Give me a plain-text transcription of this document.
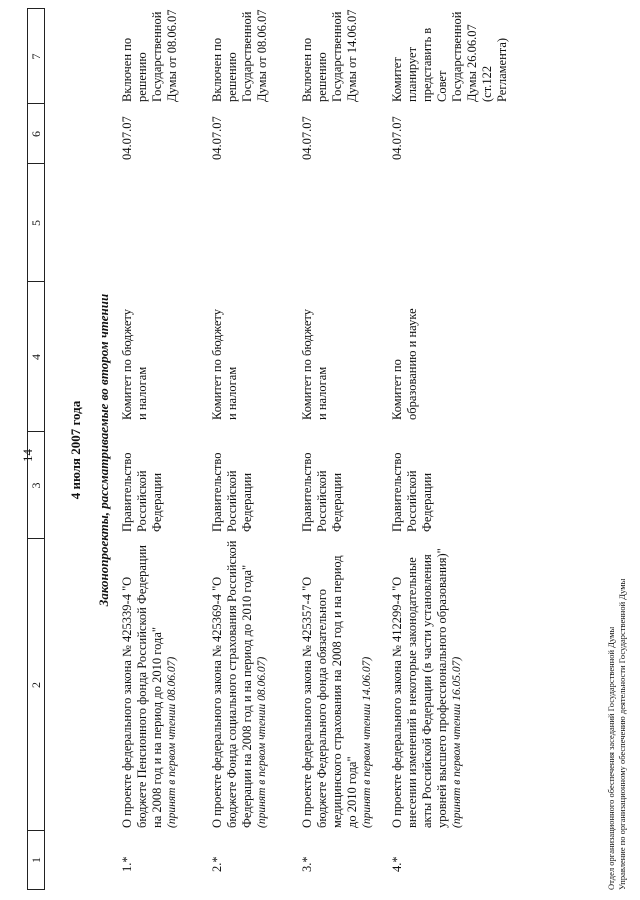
14
1
2
3
4
5
6
7
4 июля 2007 года Законопроекты, рассматриваемые во втором чтении
1.*
О проекте федерального закона № 425339-4 "О бюджете Пенсионного фонда Российской Федерации на 2008 год и на период до 2010 года" (принят в первом чтении 08.06.07)
Правительство Российской Федерации
Комитет по бюджету и налогам
04.07.07
Включен по решению Государственной Думы от 08.06.07
2.*
О проекте федерального закона № 425369-4 "О бюджете Фонда социального страхования Российской Федерации на 2008 год и на период до 2010 года" (принят в первом чтении 08.06.07)
Правительство Российской Федерации
Комитет по бюджету и налогам
04.07.07
Включен по решению Государственной Думы от 08.06.07
3.*
О проекте федерального закона № 425357-4 "О бюджете Федерального фонда обязательного медицинского страхования на 2008 год и на период до 2010 года" (принят в первом чтении 14.06.07)
Правительство Российской Федерации
Комитет по бюджету и налогам
04.07.07
Включен по решению Государственной Думы от 14.06.07
4.*
О проекте федерального закона № 412299-4 "О внесении изменений в некоторые законодательные акты Российской Федерации (в части установления уровней высшего профессионального образования)" (принят в первом чтении 16.05.07)
Правительство Российской Федерации
Комитет по образованию и науке
04.07.07
Комитет планирует представить в Совет Государственной Думы 26.06.07 (ст.122 Регламента)
Отдел организационного обеспечения заседаний Государственной Думы Управление по организационному обеспечению деятельности Государственной Думы
